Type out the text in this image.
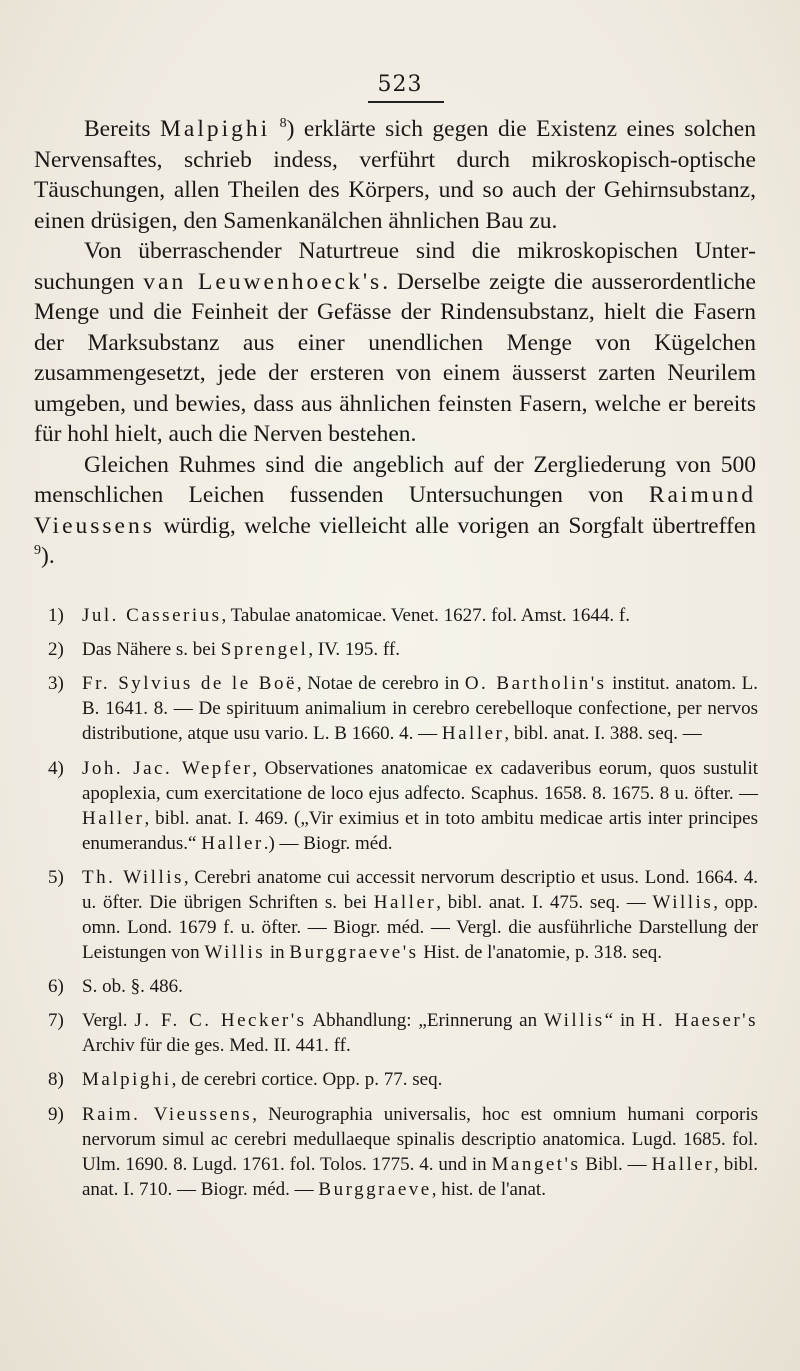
523

Bereits Malpighi $^8$) erklärte sich gegen die Existenz eines solchen Nervensaftes, schrieb indess, verführt durch mikroskopisch-optische Täuschungen, allen Theilen des Körpers, und so auch der Gehirnsubstanz, einen drüsigen, den Samenkanälchen ähnlichen Bau zu.

Von überraschender Naturtreue sind die mikroskopischen Untersuchungen van Leuwenhoeck's. Derselbe zeigte die ausserordentliche Menge und die Feinheit der Gefässe der Rindensubstanz, hielt die Fasern der Marksubstanz aus einer unendlichen Menge von Kügelchen zusammengesetzt, jede der ersteren von einem äusserst zarten Neurilem umgeben, und bewies, dass aus ähnlichen feinsten Fasern, welche er bereits für hohl hielt, auch die Nerven bestehen.

Gleichen Ruhmes sind die angeblich auf der Zergliederung von 500 menschlichen Leichen fussenden Untersuchungen von Raimund Vieussens würdig, welche vielleicht alle vorigen an Sorgfalt übertreffen $^9$).

1) Jul. Casserius, Tabulae anatomicae. Venet. 1627. fol. Amst. 1644. f.
2) Das Nähere s. bei Sprengel, IV. 195. ff.
3) Fr. Sylvius de le Boë, Notae de cerebro in O. Bartholin's institut. anatom. L. B. 1641. 8. — De spirituum animalium in cerebro cerebelloque confectione, per nervos distributione, atque usu vario. L. B 1660. 4. — Haller, bibl. anat. I. 388. seq. —
4) Joh. Jac. Wepfer, Observationes anatomicae ex cadaveribus eorum, quos sustulit apoplexia, cum exercitatione de loco ejus adfecto. Scaphus. 1658. 8. 1675. 8 u. öfter. — Haller, bibl. anat. I. 469. („Vir eximius et in toto ambitu medicae artis inter principes enumerandus.“ Haller.) — Biogr. méd.
5) Th. Willis, Cerebri anatome cui accessit nervorum descriptio et usus. Lond. 1664. 4. u. öfter. Die übrigen Schriften s. bei Haller, bibl. anat. I. 475. seq. — Willis, opp. omn. Lond. 1679 f. u. öfter. — Biogr. méd. — Vergl. die ausführliche Darstellung der Leistungen von Willis in Burggraeve's Hist. de l'anatomie, p. 318. seq.
6) S. ob. §. 486.
7) Vergl. J. F. C. Hecker's Abhandlung: „Erinnerung an Willis“ in H. Haeser's Archiv für die ges. Med. II. 441. ff.
8) Malpighi, de cerebri cortice. Opp. p. 77. seq.
9) Raim. Vieussens, Neurographia universalis, hoc est omnium humani corporis nervorum simul ac cerebri medullaeque spinalis descriptio anatomica. Lugd. 1685. fol. Ulm. 1690. 8. Lugd. 1761. fol. Tolos. 1775. 4. und in Manget's Bibl. — Haller, bibl. anat. I. 710. — Biogr. méd. — Burggraeve, hist. de l'anat.
